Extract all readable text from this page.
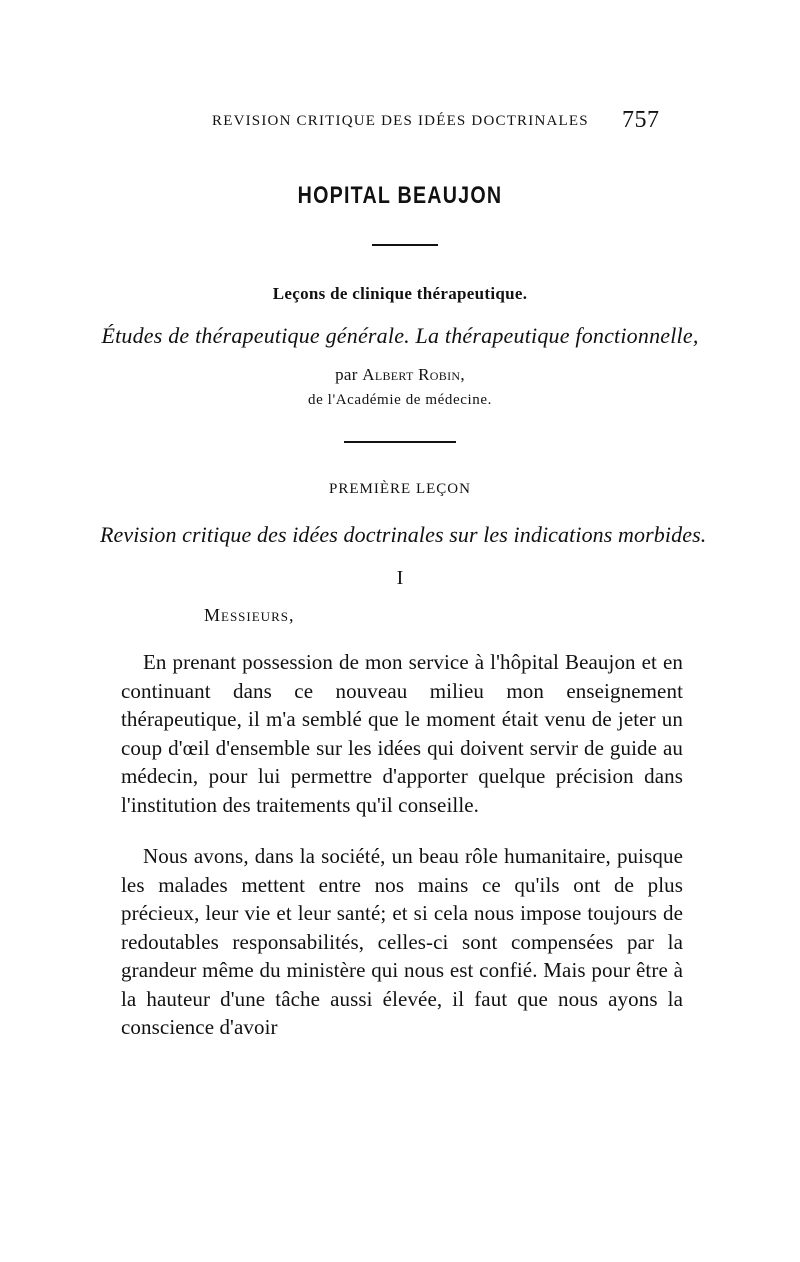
REVISION CRITIQUE DES IDÉES DOCTRINALES 757
HOPITAL BEAUJON
Leçons de clinique thérapeutique.
Études de thérapeutique générale. La thérapeutique fonctionnelle,
par Albert Robin,
de l'Académie de médecine.
PREMIÈRE LEÇON
Revision critique des idées doctrinales sur les indications morbides.
I
Messieurs,

En prenant possession de mon service à l'hôpital Beaujon et en continuant dans ce nouveau milieu mon enseignement thérapeutique, il m'a semblé que le moment était venu de jeter un coup d'œil d'ensemble sur les idées qui doivent servir de guide au médecin, pour lui permettre d'apporter quelque précision dans l'institution des traitements qu'il conseille.

Nous avons, dans la société, un beau rôle humanitaire, puisque les malades mettent entre nos mains ce qu'ils ont de plus précieux, leur vie et leur santé; et si cela nous impose toujours de redoutables responsabilités, celles-ci sont compensées par la grandeur même du ministère qui nous est confié. Mais pour être à la hauteur d'une tâche aussi élevée, il faut que nous ayons la conscience d'avoir
